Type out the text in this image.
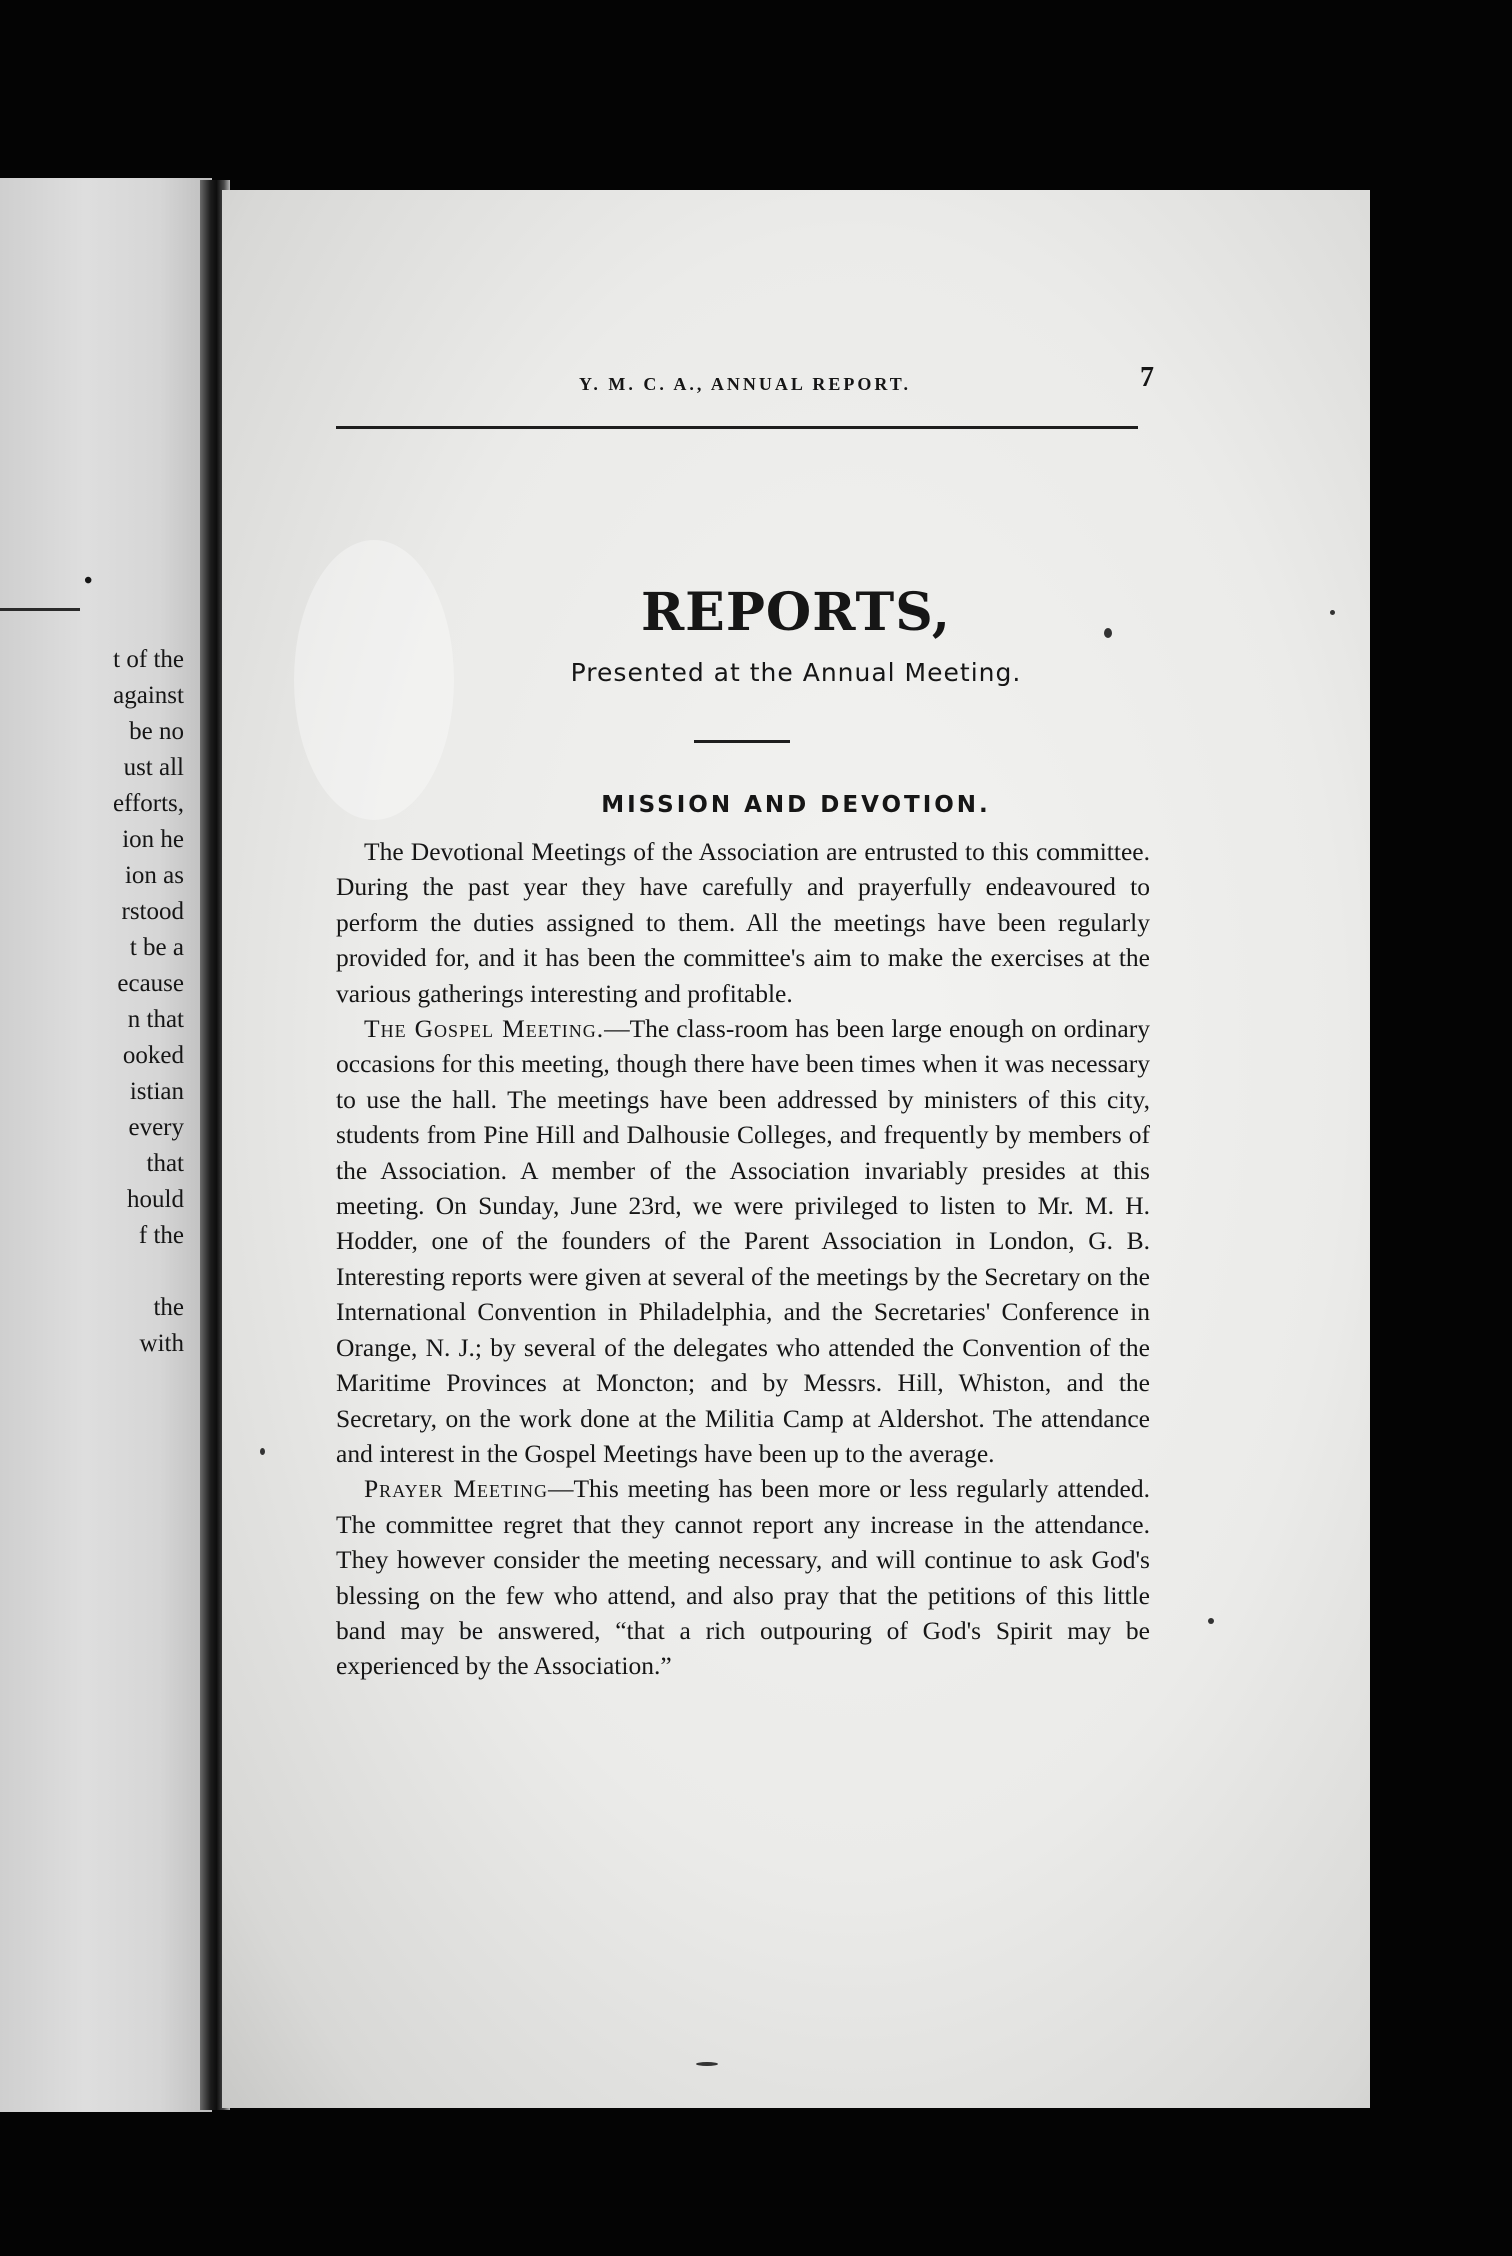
•
t of the
against
be no
ust all
efforts,
ion he
ion as
rstood
t be a
ecause
n that
ooked
istian
every
that
hould
f the
the
with
Y. M. C. A., ANNUAL REPORT.	7
REPORTS,
Presented at the Annual Meeting.
MISSION AND DEVOTION.

The Devotional Meetings of the Association are entrusted to this committee. During the past year they have carefully and prayerfully endeavoured to perform the duties assigned to them. All the meetings have been regularly provided for, and it has been the committee's aim to make the exercises at the various gatherings interesting and profitable.

The Gospel Meeting.—The class-room has been large enough on ordinary occasions for this meeting, though there have been times when it was necessary to use the hall. The meetings have been addressed by ministers of this city, students from Pine Hill and Dalhousie Colleges, and frequently by members of the Association. A member of the Association invariably presides at this meeting. On Sunday, June 23rd, we were privileged to listen to Mr. M. H. Hodder, one of the founders of the Parent Association in London, G. B. Interesting reports were given at several of the meetings by the Secretary on the International Convention in Philadelphia, and the Secretaries' Conference in Orange, N. J.; by several of the delegates who attended the Convention of the Maritime Provinces at Moncton; and by Messrs. Hill, Whiston, and the Secretary, on the work done at the Militia Camp at Aldershot. The attendance and interest in the Gospel Meetings have been up to the average.

Prayer Meeting—This meeting has been more or less regularly attended. The committee regret that they cannot report any increase in the attendance. They however consider the meeting necessary, and will continue to ask God's blessing on the few who attend, and also pray that the petitions of this little band may be answered, “that a rich outpouring of God's Spirit may be experienced by the Association.”
